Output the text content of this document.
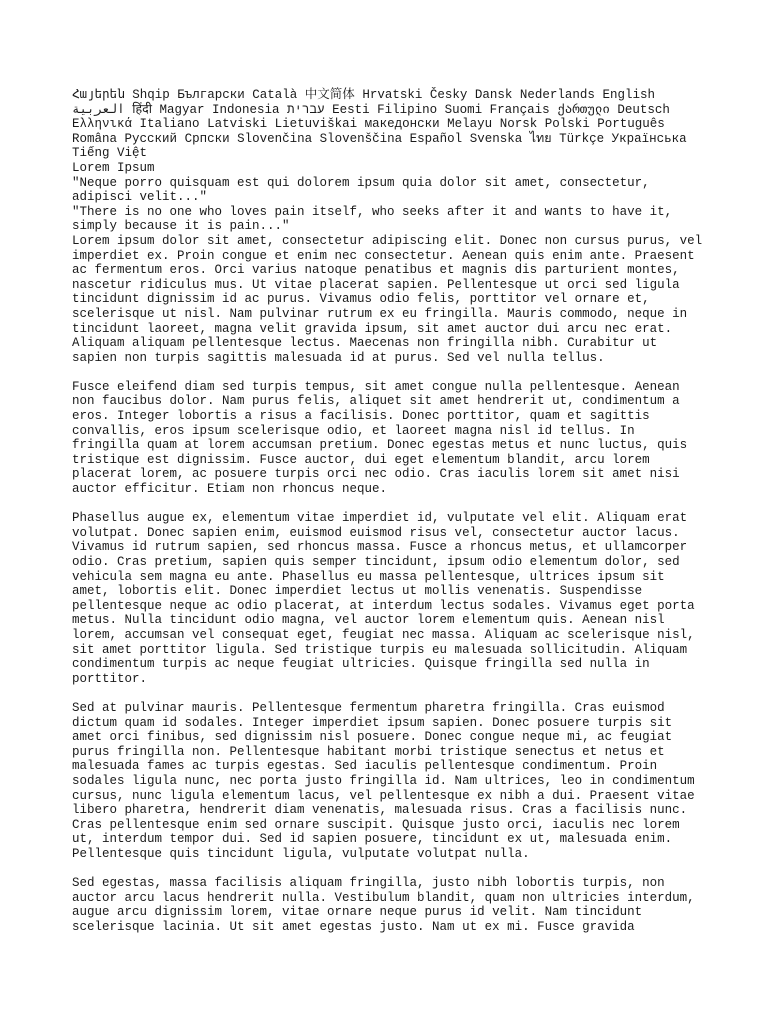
Հայերեն Shqip Български Català 中文简体 Hrvatski Česky Dansk Nederlands Englishالعربية हिंदी Magyar Indonesia עברית Eesti Filipino Suomi Français ქართული DeutschΕλληνικά Italiano Latviski Lietuviškai македонски Melayu Norsk Polski PortuguêsRomâna Pyccкий Српски Slovenčina Slovenščina Español Svenska ไทย Türkçe УкраїнськаTiếng Việt
Lorem Ipsum
"Neque porro quisquam est qui dolorem ipsum quia dolor sit amet, consectetur, adipisci velit..."
"There is no one who loves pain itself, who seeks after it and wants to have it, simply because it is pain..."

Lorem ipsum dolor sit amet, consectetur adipiscing elit. Donec non cursus purus, vel imperdiet ex. Proin congue et enim nec consectetur. Aenean quis enim ante. Praesent ac fermentum eros. Orci varius natoque penatibus et magnis dis parturient montes, nascetur ridiculus mus. Ut vitae placerat sapien. Pellentesque ut orci sed ligula tincidunt dignissim id ac purus. Vivamus odio felis, porttitor vel ornare et, scelerisque ut nisl. Nam pulvinar rutrum ex eu fringilla. Mauris commodo, neque in tincidunt laoreet, magna velit gravida ipsum, sit amet auctor dui arcu nec erat. Aliquam aliquam pellentesque lectus. Maecenas non fringilla nibh. Curabitur ut sapien non turpis sagittis malesuada id at purus. Sed vel nulla tellus.

Fusce eleifend diam sed turpis tempus, sit amet congue nulla pellentesque. Aenean non faucibus dolor. Nam purus felis, aliquet sit amet hendrerit ut, condimentum a eros. Integer lobortis a risus a facilisis. Donec porttitor, quam et sagittis convallis, eros ipsum scelerisque odio, et laoreet magna nisl id tellus. In fringilla quam at lorem accumsan pretium. Donec egestas metus et nunc luctus, quis tristique est dignissim. Fusce auctor, dui eget elementum blandit, arcu lorem placerat lorem, ac posuere turpis orci nec odio. Cras iaculis lorem sit amet nisi auctor efficitur. Etiam non rhoncus neque.

Phasellus augue ex, elementum vitae imperdiet id, vulputate vel elit. Aliquam erat volutpat. Donec sapien enim, euismod euismod risus vel, consectetur auctor lacus. Vivamus id rutrum sapien, sed rhoncus massa. Fusce a rhoncus metus, et ullamcorper odio. Cras pretium, sapien quis semper tincidunt, ipsum odio elementum dolor, sed vehicula sem magna eu ante. Phasellus eu massa pellentesque, ultrices ipsum sit amet, lobortis elit. Donec imperdiet lectus ut mollis venenatis. Suspendisse pellentesque neque ac odio placerat, at interdum lectus sodales. Vivamus eget porta metus. Nulla tincidunt odio magna, vel auctor lorem elementum quis. Aenean nisl lorem, accumsan vel consequat eget, feugiat nec massa. Aliquam ac scelerisque nisl, sit amet porttitor ligula. Sed tristique turpis eu malesuada sollicitudin. Aliquam condimentum turpis ac neque feugiat ultricies. Quisque fringilla sed nulla in porttitor.

Sed at pulvinar mauris. Pellentesque fermentum pharetra fringilla. Cras euismod dictum quam id sodales. Integer imperdiet ipsum sapien. Donec posuere turpis sit amet orci finibus, sed dignissim nisl posuere. Donec congue neque mi, ac feugiat purus fringilla non. Pellentesque habitant morbi tristique senectus et netus et malesuada fames ac turpis egestas. Sed iaculis pellentesque condimentum. Proin sodales ligula nunc, nec porta justo fringilla id. Nam ultrices, leo in condimentum cursus, nunc ligula elementum lacus, vel pellentesque ex nibh a dui. Praesent vitae libero pharetra, hendrerit diam venenatis, malesuada risus. Cras a facilisis nunc. Cras pellentesque enim sed ornare suscipit. Quisque justo orci, iaculis nec lorem ut, interdum tempor dui. Sed id sapien posuere, tincidunt ex ut, malesuada enim. Pellentesque quis tincidunt ligula, vulputate volutpat nulla.

Sed egestas, massa facilisis aliquam fringilla, justo nibh lobortis turpis, non auctor arcu lacus hendrerit nulla. Vestibulum blandit, quam non ultricies interdum, augue arcu dignissim lorem, vitae ornare neque purus id velit. Nam tincidunt scelerisque lacinia. Ut sit amet egestas justo. Nam ut ex mi. Fusce gravida
